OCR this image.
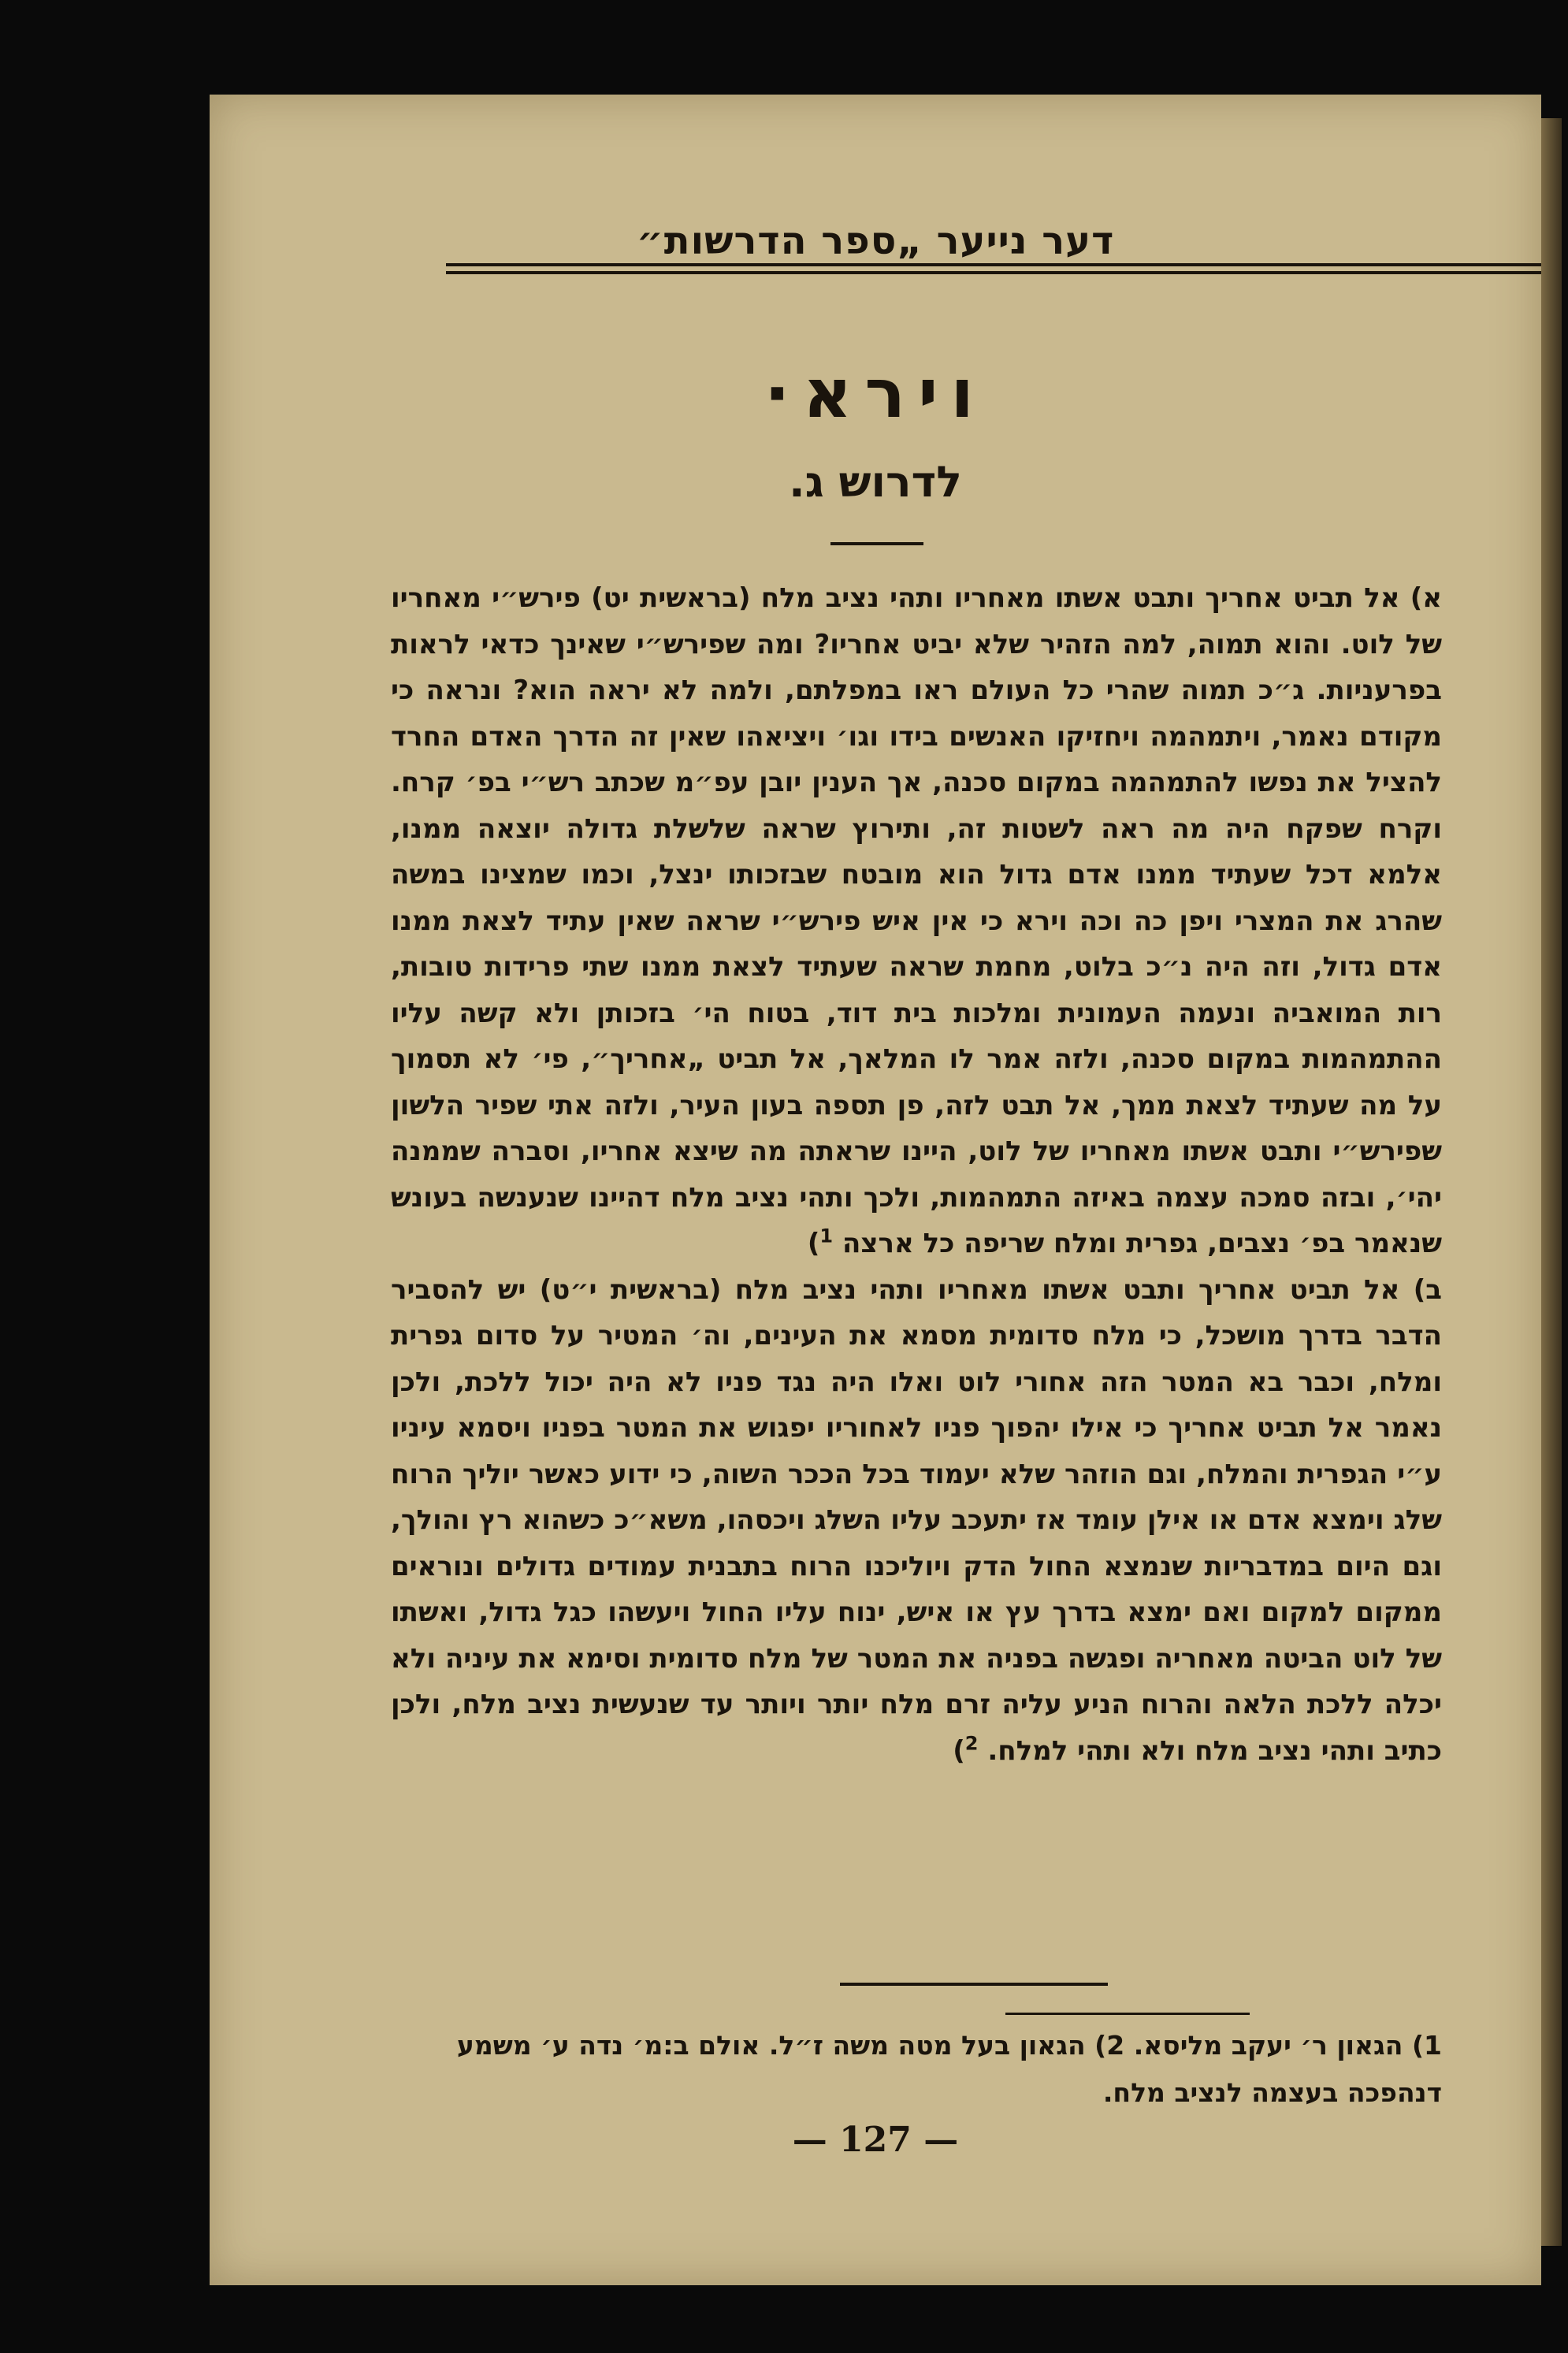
דער נייער „ספר הדרשות״
וירא·
לדרוש ג.

א) אל תביט אחריך ותבט אשתו מאחריו ותהי נציב מלח (בראשית יט) פירש״י מאחריו של לוט. והוא תמוה, למה הזהיר שלא יביט אחריו? ומה שפירש״י שאינך כדאי לראות בפרעניות. ג״כ תמוה שהרי כל העולם ראו במפלתם, ולמה לא יראה הוא? ונראה כי מקודם נאמר, ויתמהמה ויחזיקו האנשים בידו וגו׳ ויציאהו שאין זה הדרך האדם החרד להציל את נפשו להתמהמה במקום סכנה, אך הענין יובן עפ״מ שכתב רש״י בפ׳ קרח. וקרח שפקח היה מה ראה לשטות זה, ותירוץ שראה שלשלת גדולה יוצאה ממנו, אלמא דכל שעתיד ממנו אדם גדול הוא מובטח שבזכותו ינצל, וכמו שמצינו במשה שהרג את המצרי ויפן כה וכה וירא כי אין איש פירש״י שראה שאין עתיד לצאת ממנו אדם גדול, וזה היה נ״כ בלוט, מחמת שראה שעתיד לצאת ממנו שתי פרידות טובות, רות המואביה ונעמה העמונית ומלכות בית דוד, בטוח הי׳ בזכותן ולא קשה עליו ההתמהמות במקום סכנה, ולזה אמר לו המלאך, אל תביט „אחריך״, פי׳ לא תסמוך על מה שעתיד לצאת ממך, אל תבט לזה, פן תספה בעון העיר, ולזה אתי שפיר הלשון שפירש״י ותבט אשתו מאחריו של לוט, היינו שראתה מה שיצא אחריו, וסברה שממנה יהי׳, ובזה סמכה עצמה באיזה התמהמות, ולכך ותהי נציב מלח דהיינו שנענשה בעונש שנאמר בפ׳ נצבים, גפרית ומלח שריפה כל ארצה $^1$)

ב) אל תביט אחריך ותבט אשתו מאחריו ותהי נציב מלח (בראשית י״ט) יש להסביר הדבר בדרך מושכל, כי מלח סדומית מסמא את העינים, וה׳ המטיר על סדום גפרית ומלח, וכבר בא המטר הזה אחורי לוט ואלו היה נגד פניו לא היה יכול ללכת, ולכן נאמר אל תביט אחריך כי אילו יהפוך פניו לאחוריו יפגוש את המטר בפניו ויסמא עיניו ע״י הגפרית והמלח, וגם הוזהר שלא יעמוד בכל הככר השוה, כי ידוע כאשר יוליך הרוח שלג וימצא אדם או אילן עומד אז יתעכב עליו השלג ויכסהו, משא״כ כשהוא רץ והולך, וגם היום במדבריות שנמצא החול הדק ויוליכנו הרוח בתבנית עמודים גדולים ונוראים ממקום למקום ואם ימצא בדרך עץ או איש, ינוח עליו החול ויעשהו כגל גדול, ואשתו של לוט הביטה מאחריה ופגשה בפניה את המטר של מלח סדומית וסימא את עיניה ולא יכלה ללכת הלאה והרוח הניע עליה זרם מלח יותר ויותר עד שנעשית נציב מלח, ולכן כתיב ותהי נציב מלח ולא ותהי למלח. $^2$)

1) הגאון ר׳ יעקב מליסא. 2) הגאון בעל מטה משה ז״ל. אולם ב:מ׳ נדה ע׳ משמע דנהפכה בעצמה לנציב מלח.

— 127 —
